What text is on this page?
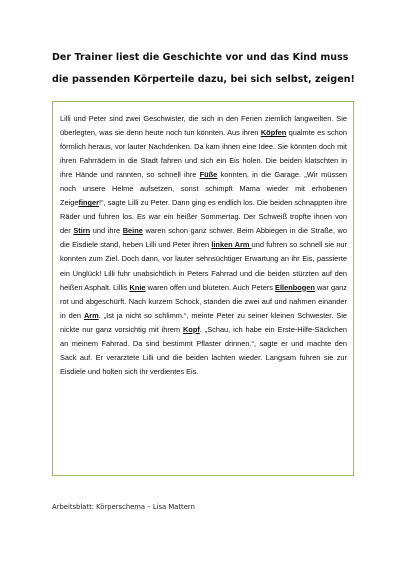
Der Trainer liest die Geschichte vor und das Kind muss die passenden Körperteile dazu, bei sich selbst, zeigen!

Lilli und Peter sind zwei Geschwister, die sich in den Ferien ziemlich langweilten. Sie überlegten, was sie denn heute noch tun könnten. Aus ihren Köpfen qualmte es schon förmlich heraus, vor lauter Nachdenken. Da kam ihnen eine Idee. Sie könnten doch mit ihren Fahrrädern in die Stadt fahren und sich ein Eis holen. Die beiden klatschten in ihre Hände und rannten, so schnell ihre Füße konnten, in die Garage. „Wir müssen noch unsere Helme aufsetzen, sonst schimpft Mama wieder mit erhobenen Zeigefinger!“, sagte Lilli zu Peter. Dann ging es endlich los. Die beiden schnappten ihre Räder und fuhren los. Es war ein heißer Sommertag. Der Schweiß tropfte ihnen von der Stirn und ihre Beine waren schon ganz schwer. Beim Abbiegen in die Straße, wo die Eisdiele stand, heben Lilli und Peter ihren linken Arm und fuhren so schnell sie nur konnten zum Ziel. Doch dann, vor lauter sehnsüchtiger Erwartung an ihr Eis, passierte ein Unglück! Lilli fuhr unabsichtlich in Peters Fahrrad und die beiden stürzten auf den heißen Asphalt. Lillis Knie waren offen und bluteten. Auch Peters Ellenbogen war ganz rot und abgeschürft. Nach kurzem Schock, standen die zwei auf und nahmen einander in den Arm. „Ist ja nicht so schlimm.“, meinte Peter zu seiner kleinen Schwester. Sie nickte nur ganz vorsichtig mit ihrem Kopf. „Schau, ich habe ein Erste-Hilfe-Säckchen an meinem Fahrrad. Da sind bestimmt Pflaster drinnen.“, sagte er und machte den Sack auf. Er verarztete Lilli und die beiden lachten wieder. Langsam fuhren sie zur Eisdiele und holten sich ihr verdientes Eis.

Arbeitsblatt: Körperschema – Lisa Mattern
